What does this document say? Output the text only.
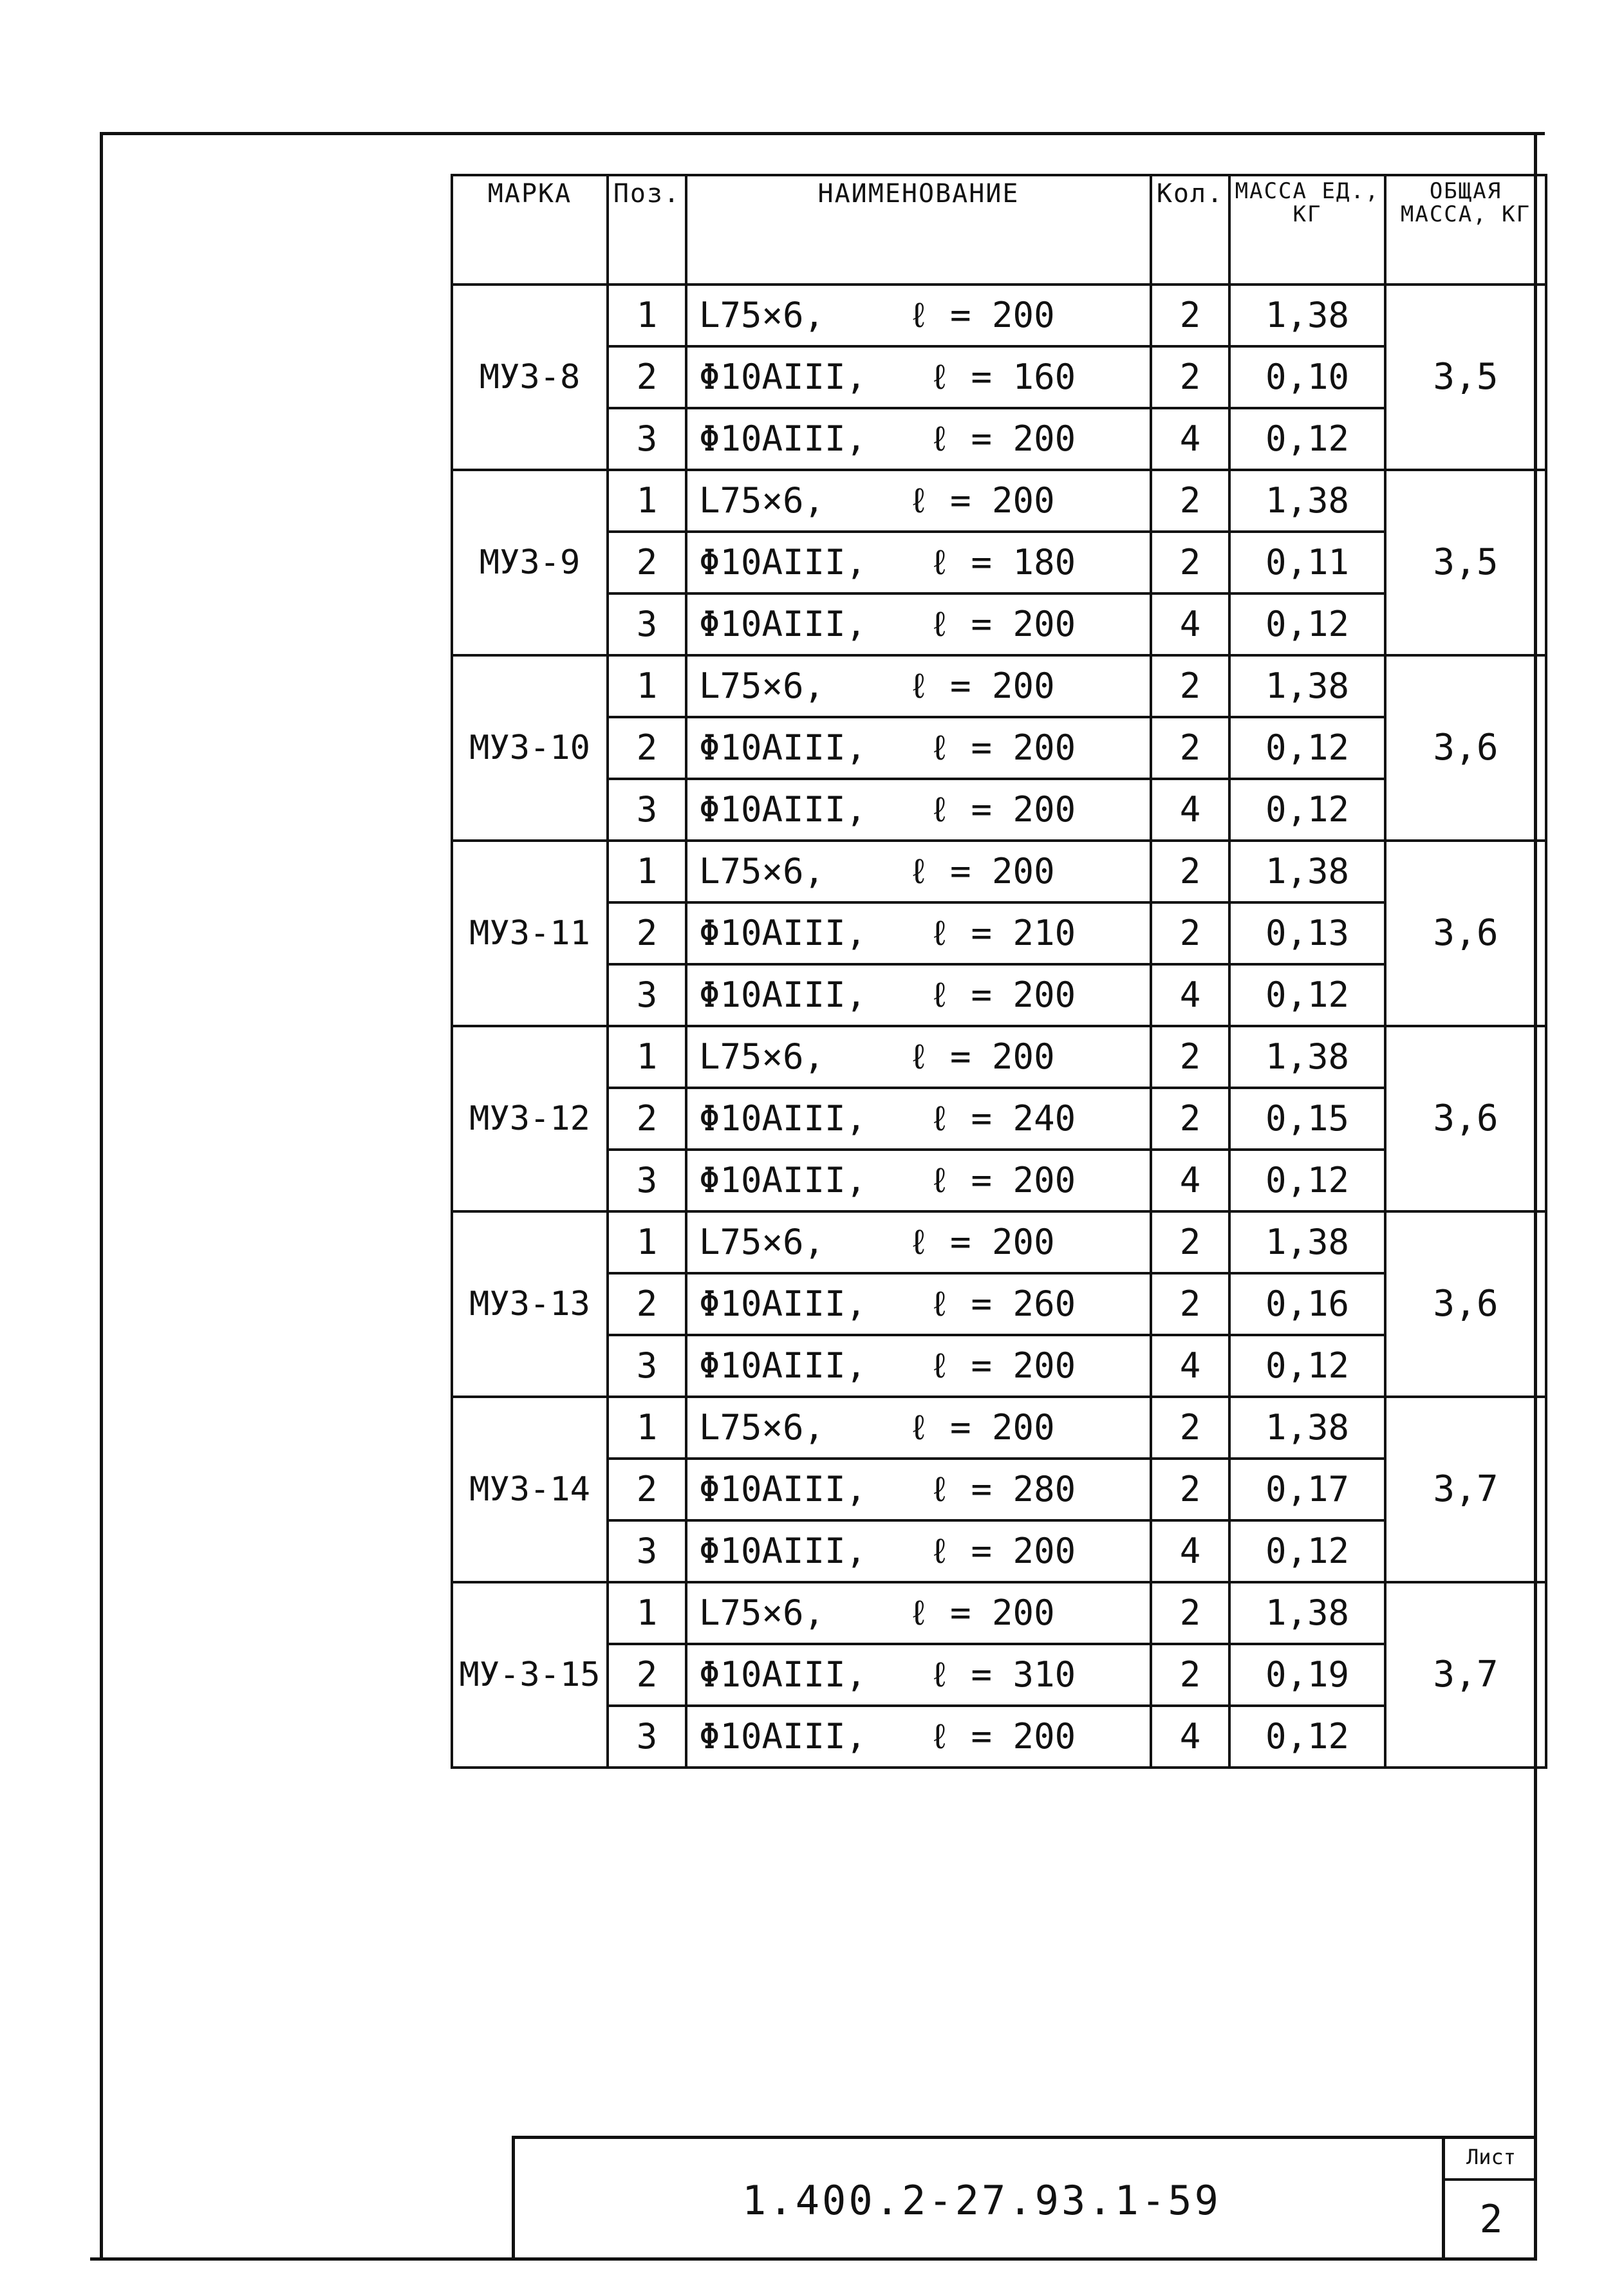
МАРКА	Поз.	НАИМЕНОВАНИЕ	Кол.	МАССА ЕД., КГ	ОБЩАЯ МАССА, КГ
МУ3-8	1	L75×6,    ℓ = 200	2	1,38	3,5
	2	Φ10АIII,   ℓ = 160	2	0,10	
	3	Φ10АIII,   ℓ = 200	4	0,12	
МУ3-9	1	L75×6,    ℓ = 200	2	1,38	3,5
	2	Φ10АIII,   ℓ = 180	2	0,11	
	3	Φ10АIII,   ℓ = 200	4	0,12	
МУ3-10	1	L75×6,    ℓ = 200	2	1,38	3,6
	2	Φ10АIII,   ℓ = 200	2	0,12	
	3	Φ10АIII,   ℓ = 200	4	0,12	
МУ3-11	1	L75×6,    ℓ = 200	2	1,38	3,6
	2	Φ10АIII,   ℓ = 210	2	0,13	
	3	Φ10АIII,   ℓ = 200	4	0,12	
МУ3-12	1	L75×6,    ℓ = 200	2	1,38	3,6
	2	Φ10АIII,   ℓ = 240	2	0,15	
	3	Φ10АIII,   ℓ = 200	4	0,12	
МУ3-13	1	L75×6,    ℓ = 200	2	1,38	3,6
	2	Φ10АIII,   ℓ = 260	2	0,16	
	3	Φ10АIII,   ℓ = 200	4	0,12	
МУ3-14	1	L75×6,    ℓ = 200	2	1,38	3,7
	2	Φ10АIII,   ℓ = 280	2	0,17	
	3	Φ10АIII,   ℓ = 200	4	0,12	
МУ-3-15	1	L75×6,    ℓ = 200	2	1,38	3,7
	2	Φ10АIII,   ℓ = 310	2	0,19	
	3	Φ10АIII,   ℓ = 200	4	0,12	
1.400.2-27.93.1-59
Лист
2
